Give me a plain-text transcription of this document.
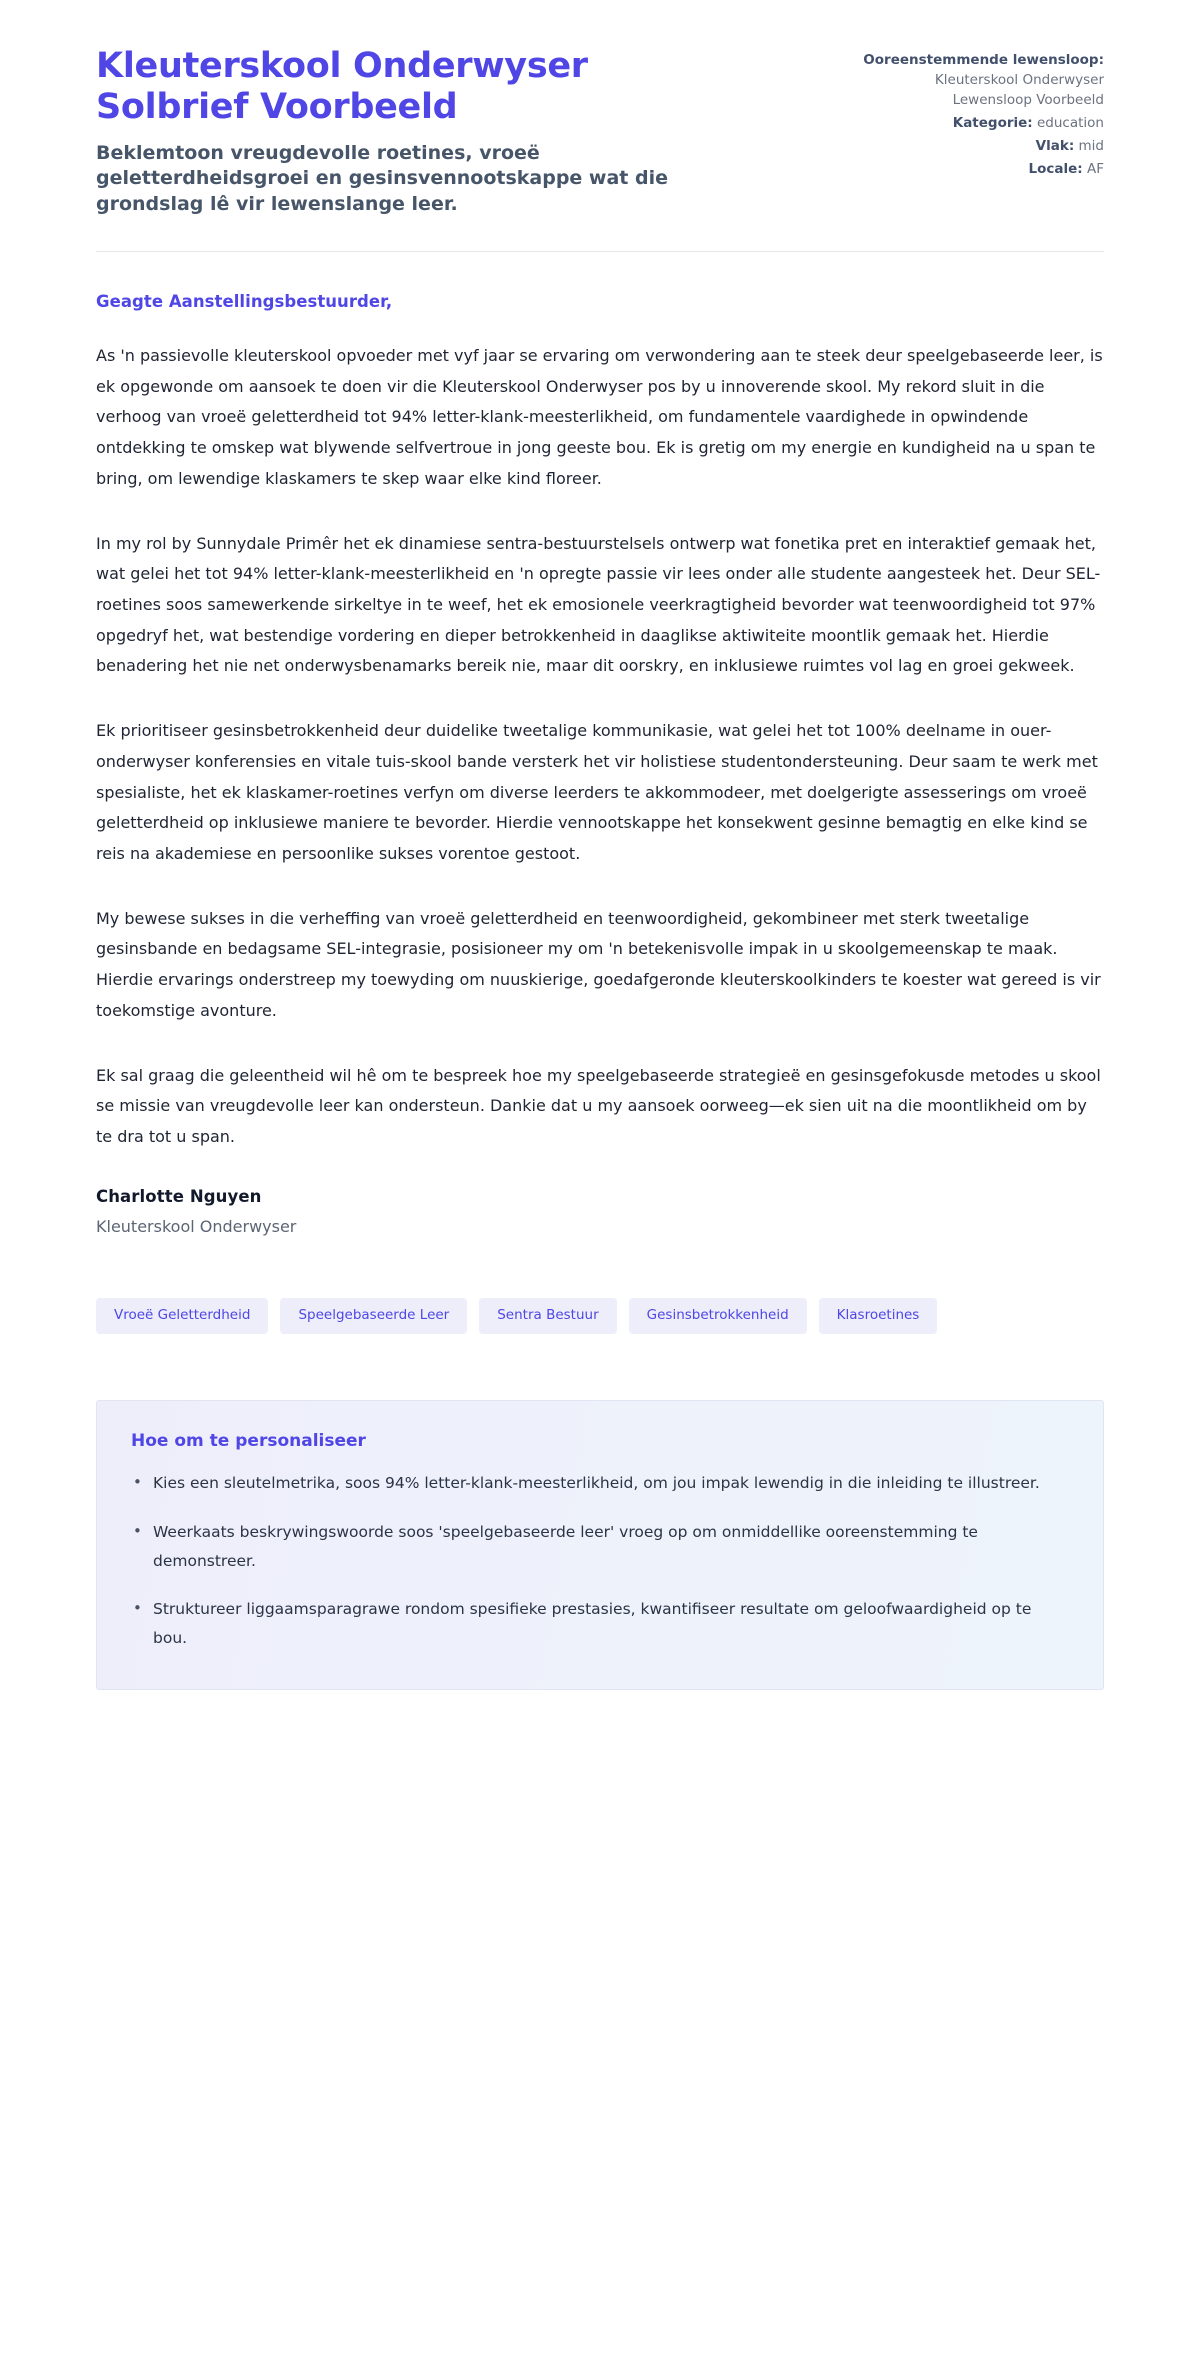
Kleuterskool Onderwyser Solbrief Voorbeeld

Beklemtoon vreugdevolle roetines, vroeë geletterdheidsgroei en gesinsvennootskappe wat die grondslag lê vir lewenslange leer.

Ooreenstemmende lewensloop: Kleuterskool Onderwyser Lewensloop Voorbeeld
Kategorie: education
Vlak: mid
Locale: AF

Geagte Aanstellingsbestuurder,

As 'n passievolle kleuterskool opvoeder met vyf jaar se ervaring om verwondering aan te steek deur speelgebaseerde leer, is ek opgewonde om aansoek te doen vir die Kleuterskool Onderwyser pos by u innoverende skool. My rekord sluit in die verhoog van vroeë geletterdheid tot 94% letter-klank-meesterlikheid, om fundamentele vaardighede in opwindende ontdekking te omskep wat blywende selfvertroue in jong geeste bou. Ek is gretig om my energie en kundigheid na u span te bring, om lewendige klaskamers te skep waar elke kind floreer.

In my rol by Sunnydale Primêr het ek dinamiese sentra-bestuurstelsels ontwerp wat fonetika pret en interaktief gemaak het, wat gelei het tot 94% letter-klank-meesterlikheid en 'n opregte passie vir lees onder alle studente aangesteek het. Deur SEL-roetines soos samewerkende sirkeltye in te weef, het ek emosionele veerkragtigheid bevorder wat teenwoordigheid tot 97% opgedryf het, wat bestendige vordering en dieper betrokkenheid in daaglikse aktiwiteite moontlik gemaak het. Hierdie benadering het nie net onderwysbenamarks bereik nie, maar dit oorskry, en inklusiewe ruimtes vol lag en groei gekweek.

Ek prioritiseer gesinsbetrokkenheid deur duidelike tweetalige kommunikasie, wat gelei het tot 100% deelname in ouer-onderwyser konferensies en vitale tuis-skool bande versterk het vir holistiese studentondersteuning. Deur saam te werk met spesialiste, het ek klaskamer-roetines verfyn om diverse leerders te akkommodeer, met doelgerigte assesserings om vroeë geletterdheid op inklusiewe maniere te bevorder. Hierdie vennootskappe het konsekwent gesinne bemagtig en elke kind se reis na akademiese en persoonlike sukses vorentoe gestoot.

My bewese sukses in die verheffing van vroeë geletterdheid en teenwoordigheid, gekombineer met sterk tweetalige gesinsbande en bedagsame SEL-integrasie, posisioneer my om 'n betekenisvolle impak in u skoolgemeenskap te maak. Hierdie ervarings onderstreep my toewyding om nuuskierige, goedafgeronde kleuterskoolkinders te koester wat gereed is vir toekomstige avonture.

Ek sal graag die geleentheid wil hê om te bespreek hoe my speelgebaseerde strategieë en gesinsgefokusde metodes u skool se missie van vreugdevolle leer kan ondersteun. Dankie dat u my aansoek oorweeg—ek sien uit na die moontlikheid om by te dra tot u span.

Charlotte Nguyen

Kleuterskool Onderwyser

Vroeë Geletterdheid	Speelgebaseerde Leer	Sentra Bestuur	Gesinsbetrokkenheid	Klasroetines
Hoe om te personaliseer
• Kies een sleutelmetrika, soos 94% letter-klank-meesterlikheid, om jou impak lewendig in die inleiding te illustreer.
• Weerkaats beskrywingswoorde soos 'speelgebaseerde leer' vroeg op om onmiddellike ooreenstemming te demonstreer.
• Struktureer liggaamsparagrawe rondom spesifieke prestasies, kwantifiseer resultate om geloofwaardigheid op te bou.
